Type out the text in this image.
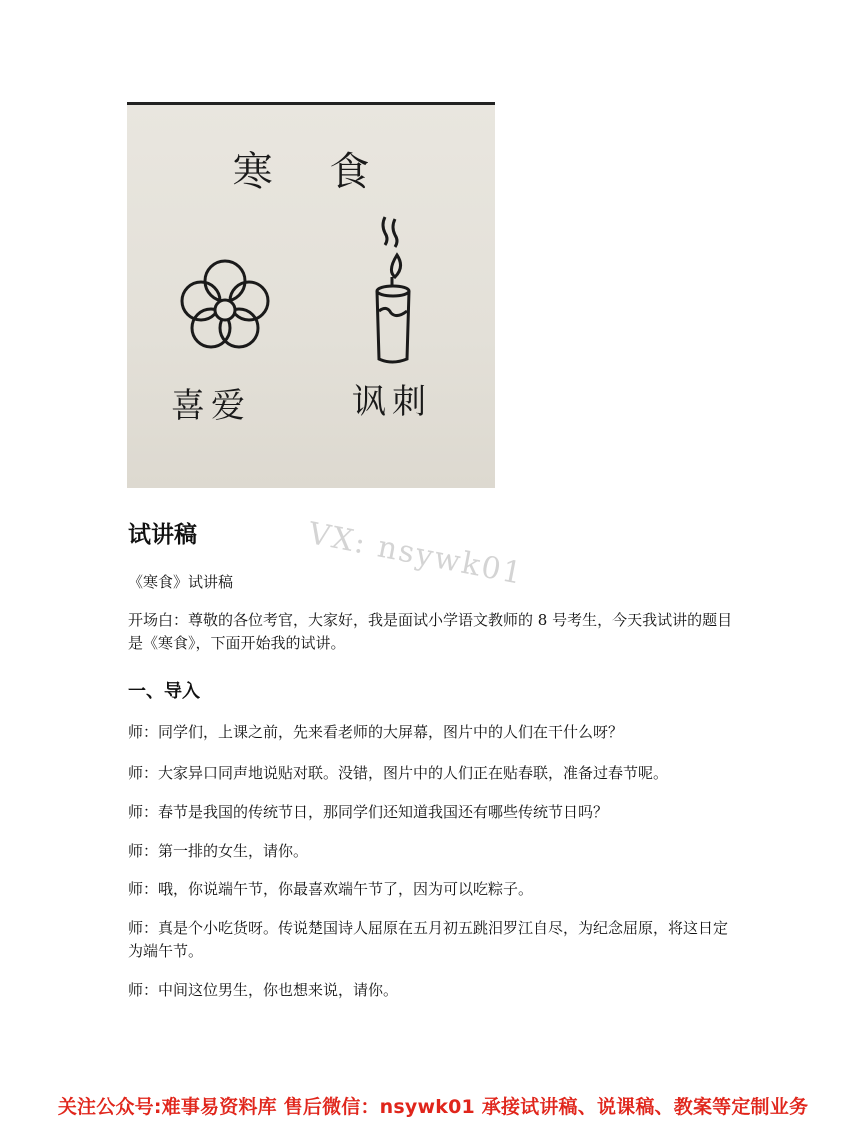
寒 食
喜爱	讽刺
试讲稿	VX: nsywk01

《寒食》试讲稿

开场白：尊敬的各位考官，大家好，我是面试小学语文教师的 8 号考生，今天我试讲的题目是《寒食》，下面开始我的试讲。

一、导入

师：同学们，上课之前，先来看老师的大屏幕，图片中的人们在干什么呀？

师：大家异口同声地说贴对联。没错，图片中的人们正在贴春联，准备过春节呢。

师：春节是我国的传统节日，那同学们还知道我国还有哪些传统节日吗？

师：第一排的女生，请你。

师：哦，你说端午节，你最喜欢端午节了，因为可以吃粽子。

师：真是个小吃货呀。传说楚国诗人屈原在五月初五跳汨罗江自尽，为纪念屈原，将这日定为端午节。

师：中间这位男生，你也想来说，请你。

关注公众号:难事易资料库 售后微信：nsywk01 承接试讲稿、说课稿、教案等定制业务
